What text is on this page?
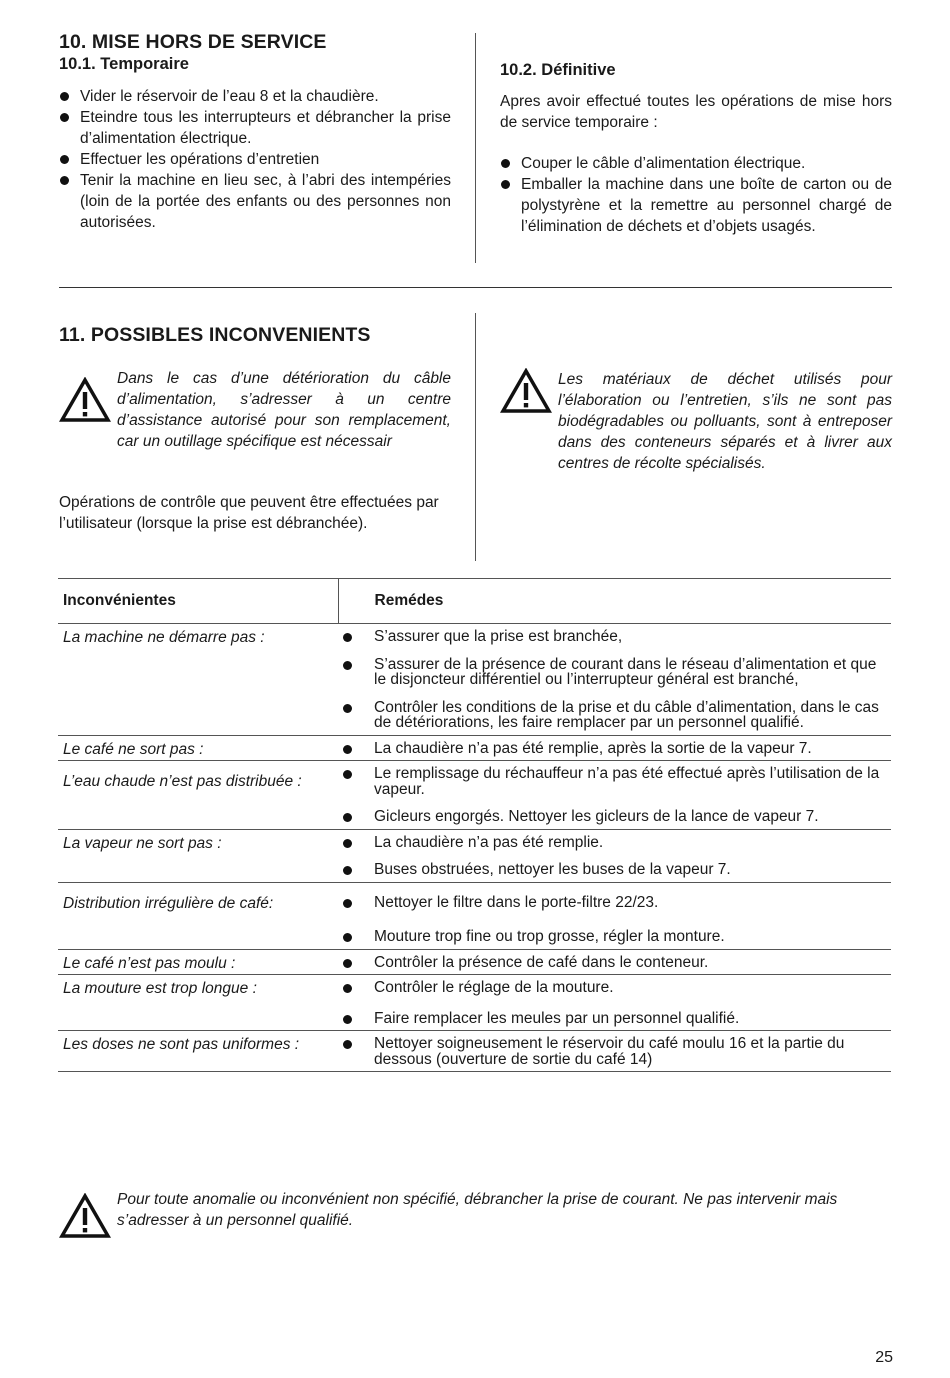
10. MISE HORS DE SERVICE
10.1. Temporaire
Vider le réservoir de l’eau 8 et la chaudière.
Eteindre tous les interrupteurs et débrancher la prise d’alimentation électrique.
Effectuer les opérations d’entretien
Tenir la machine en lieu sec, à l’abri des intempéries (loin de la portée des enfants ou des personnes non autorisées.
10.2. Définitive
Apres avoir effectué toutes les opérations de mise hors de service temporaire :
Couper le câble d’alimentation électrique.
Emballer la machine dans une boîte de carton ou de polystyrène et la remettre au personnel chargé de l’élimination de déchets et d’objets usagés.
11. POSSIBLES INCONVENIENTS
Dans le cas d’une détérioration du câble d’alimentation, s’adresser à un centre d’assistance autorisé pour son remplacement, car un outillage spécifique est nécessair
Les matériaux de déchet utilisés pour l’élaboration ou l’entretien, s’ils ne sont pas biodégradables ou polluants, sont à entreposer dans des conteneurs séparés et à livrer aux centres de récolte spécialisés.
Opérations de contrôle que peuvent être effectuées par l’utilisateur (lorsque la prise est débranchée).
Inconvénientes	Remédes
La machine ne démarre pas :	S’assurer que la prise est branchée,
S’assurer de la présence de courant dans le réseau d’alimentation et que le disjoncteur différentiel ou l’interrupteur général est branché,
Contrôler les conditions de la prise et du câble d’alimentation, dans le cas de détériorations, les faire remplacer par un personnel qualifié.

Le café ne sort pas :	La chaudière n’a pas été remplie, après la sortie de la vapeur 7.

L’eau chaude n’est pas distribuée :	Le remplissage du réchauffeur n’a pas été effectué après l’utilisation de la vapeur.
Gicleurs engorgés. Nettoyer les gicleurs de la lance de vapeur 7.

La vapeur ne sort pas :	La chaudière n’a pas été remplie.
Buses obstruées, nettoyer les buses de la vapeur 7.

Distribution irrégulière de café:	Nettoyer le filtre dans le porte-filtre 22/23.
Mouture trop fine ou trop grosse, régler la monture.

Le café n’est pas moulu :	Contrôler la présence de café dans le conteneur.

La mouture est trop longue :	Contrôler le réglage de la mouture.
Faire remplacer les meules par un personnel qualifié.

Les doses ne sont pas uniformes :	Nettoyer soigneusement le réservoir du café moulu 16 et la partie du dessous (ouverture de sortie du café 14)
Pour toute anomalie ou inconvénient non spécifié, débrancher la prise de courant. Ne pas intervenir mais s’adresser à un personnel qualifié.
25
